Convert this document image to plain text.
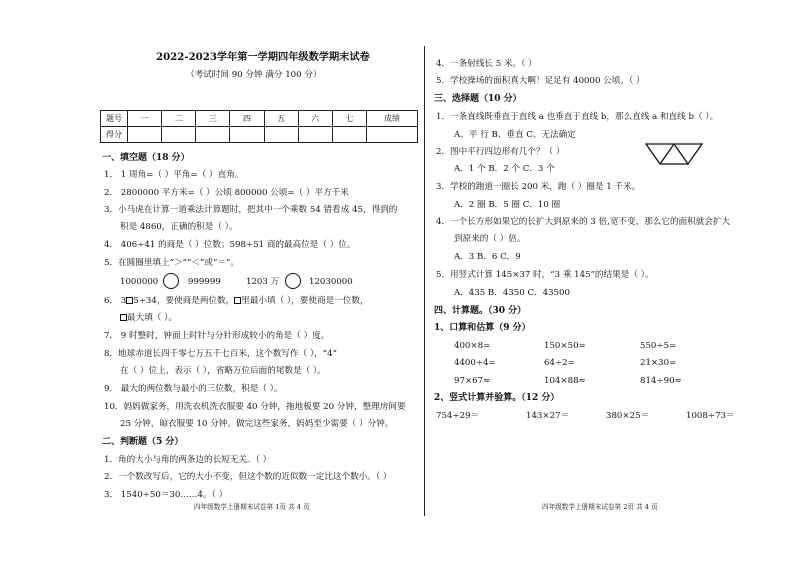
2022-2023学年第一学期四年级数学期末试卷
（考试时间 90 分钟 满分 100 分）
题号	一	二	三	四	五	六	七	成绩
得分								
一、填空题（18 分）
1． 1 周角=（ ）平角=（ ）直角。
2． 2800000 平方米=（ ）公顷 800000 公顷=（ ）平方千米
3．小马虎在计算一道乘法计算题时，把其中一个乘数 54 错看成 45，得到的
积是 4860，正确的积是（ ）。
4． 406÷41 的商是（ ）位数；598÷51 商的最高位是（ ）位。
5．在圆圈里填上“＞”“＜”或“＝”。
1000000	999999	1203 万	12030000
6． 3 5÷34，要使商是两位数， 里最小填（ ），要使商是一位数，
最大填（ ）。
7． 9 时整时，钟面上时针与分针形成较小的角是（ ）度。
8．地球赤道长四千零七万五千七百米，这个数写作（ ），“4”
在（ ）位上，表示（ ），省略万位后面的尾数是（ ）。
9． 最大的两位数与最小的三位数，积是（ ）。
10．妈妈做家务，用洗衣机洗衣服要 40 分钟，拖地板要 20 分钟，整理房间要
25 分钟，晾衣服要 10 分钟。做完这些家务，妈妈至少需要（ ）分钟。
二、判断题（5 分）
1．角的大小与角的两条边的长短无关。（ ）
2．一个数改写后，它的大小不变，但这个数的近似数一定比这个数小。（ ）
3． 1540÷50＝30……4。（ ）
四年级数学上册期末试卷第 1页 共 4 页
4．一条射线长 5 米。（ ）
5．学校操场的面积真大啊！足足有 40000 公顷。（ ）
三、选择题（10 分）
1．一条直线既垂直于直线 a 也垂直于直线 b，那么直线 a 和直线 b（ ）。
A、平 行 B、垂直 C、无法确定
2．图中平行四边形有几个？（ ）
A．1 个 B．2 个 C．3 个
3．学校的跑道一圈长 200 米，跑（ ）圈是 1 千米。
A．2 圈 B．5 圈 C．10 圈
4．一个长方形如果它的长扩大到原来的 3 倍,宽不变，那么它的面积就会扩大
到原来的（ ）倍。
A．3 B．6 C．9
5．用竖式计算 145×37 时，“3 乘 145”的结果是（ ）。
A．435 B．4350 C．43500
四、计算题。（30 分）
1、口算和估算（9 分）
400×8=	150×50=	550÷5=
4400÷4=	64÷2=	21×30=
97×67≈	104×88≈	814÷90≈
2、竖式计算并验算。（12 分）
754÷29＝	143×27＝	380×25＝	1008÷73＝
四年级数学上册期末试卷第 2页 共 4 页
